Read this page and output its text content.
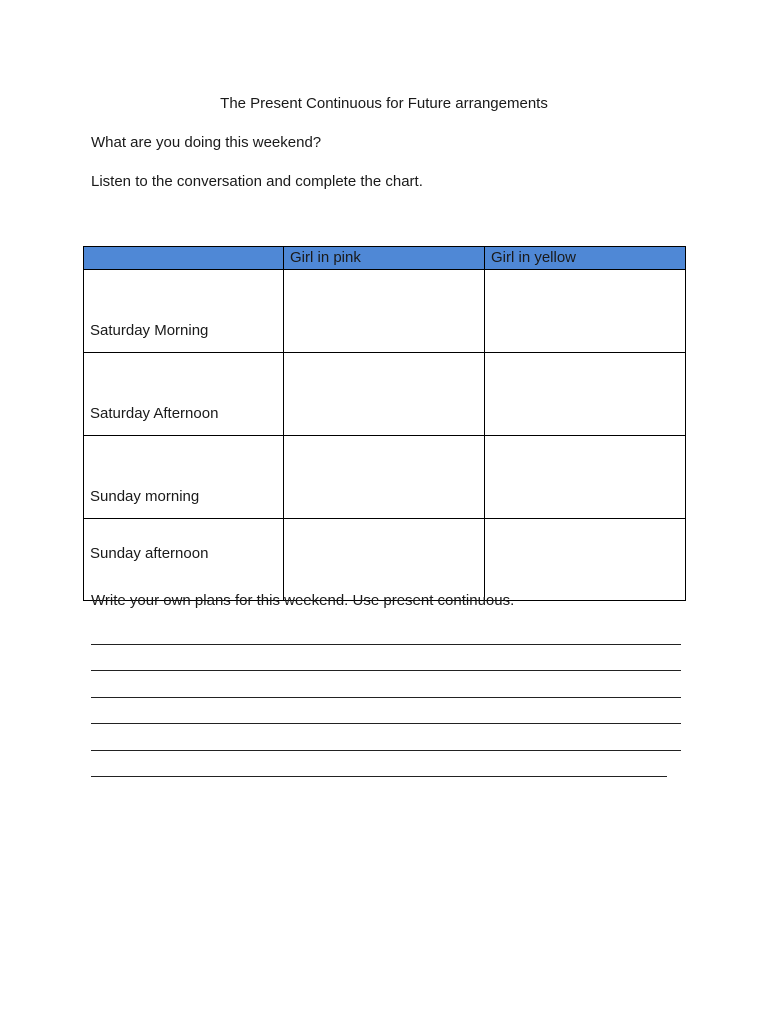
The Present Continuous for Future arrangements
What are you doing this weekend?
Listen to the conversation and complete the chart.
	Girl in pink	Girl in yellow
Saturday Morning		
Saturday Afternoon		
Sunday morning		
Sunday afternoon		
Write your own plans for this weekend. Use present continuous.
